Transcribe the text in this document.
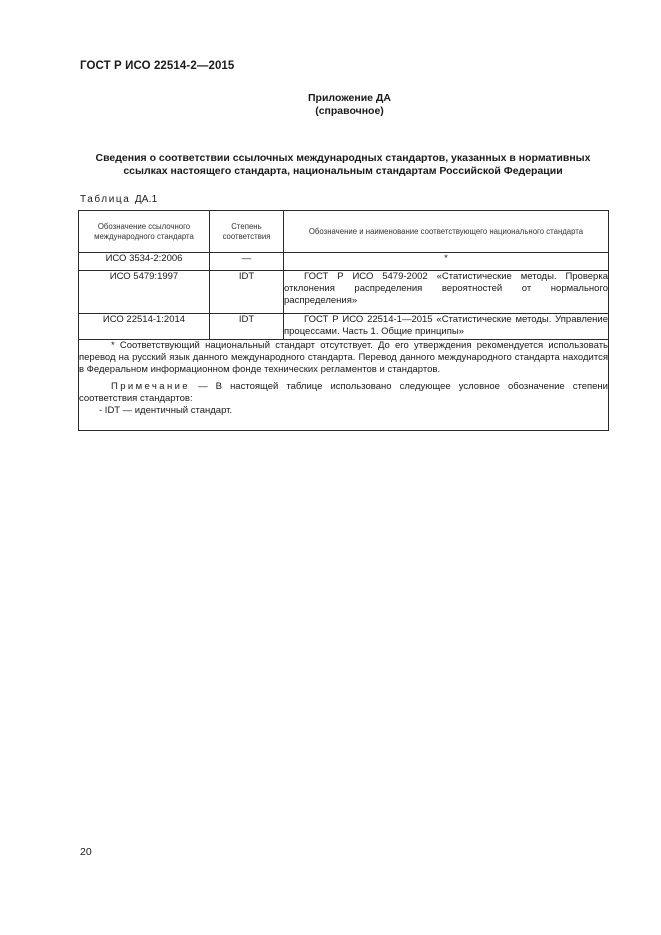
ГОСТ Р ИСО 22514-2—2015
Приложение ДА
(справочное)
Сведения о соответствии ссылочных международных стандартов, указанных в нормативных
ссылках настоящего стандарта, национальным стандартам Российской Федерации
Таблица ДА.1
Обозначение ссылочного международного стандарта	Степень соответствия	Обозначение и наименование соответствующего национального стандарта
ИСО 3534-2:2006	—	*
ИСО 5479:1997	IDT	ГОСТ Р ИСО 5479-2002 «Статистические методы. Проверка отклонения распределения вероятностей от нормального распределения»
ИСО 22514-1:2014	IDT	ГОСТ Р ИСО 22514-1—2015 «Статистические методы. Управление процессами. Часть 1. Общие принципы»

* Соответствующий национальный стандарт отсутствует. До его утверждения рекомендуется использовать перевод на русский язык данного международного стандарта. Перевод данного международного стандарта находится в Федеральном информационном фонде технических регламентов и стандартов.

Примечание — В настоящей таблице использовано следующее условное обозначение степени соответствия стандартов:

- IDT — идентичный стандарт.		

20
